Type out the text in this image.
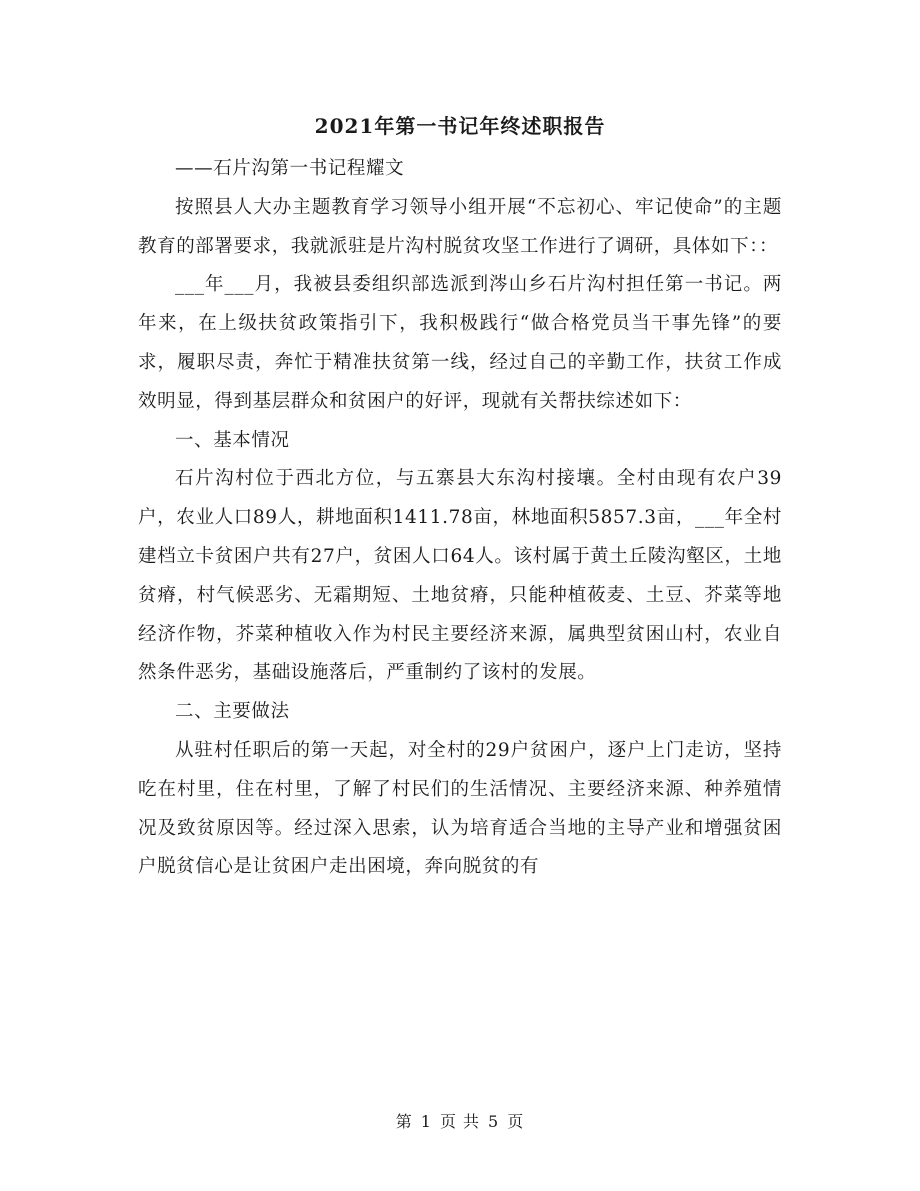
2021年第一书记年终述职报告

——石片沟第一书记程耀文

按照县人大办主题教育学习领导小组开展“不忘初心、牢记使命”的主题教育的部署要求，我就派驻是片沟村脱贫攻坚工作进行了调研，具体如下：：

___年___月，我被县委组织部选派到涔山乡石片沟村担任第一书记。两年来，在上级扶贫政策指引下，我积极践行“做合格党员当干事先锋”的要求，履职尽责，奔忙于精准扶贫第一线，经过自己的辛勤工作，扶贫工作成效明显，得到基层群众和贫困户的好评，现就有关帮扶综述如下：

一、基本情况

石片沟村位于西北方位，与五寨县大东沟村接壤。全村由现有农户39户，农业人口89人，耕地面积1411.78亩，林地面积5857.3亩，___年全村建档立卡贫困户共有27户，贫困人口64人。该村属于黄土丘陵沟壑区，土地贫瘠，村气候恶劣、无霜期短、土地贫瘠，只能种植莜麦、土豆、芥菜等地经济作物，芥菜种植收入作为村民主要经济来源，属典型贫困山村，农业自然条件恶劣，基础设施落后，严重制约了该村的发展。

二、主要做法

从驻村任职后的第一天起，对全村的29户贫困户，逐户上门走访，坚持吃在村里，住在村里，了解了村民们的生活情况、主要经济来源、种养殖情况及致贫原因等。经过深入思索，认为培育适合当地的主导产业和增强贫困户脱贫信心是让贫困户走出困境，奔向脱贫的有

第 1 页 共 5 页
